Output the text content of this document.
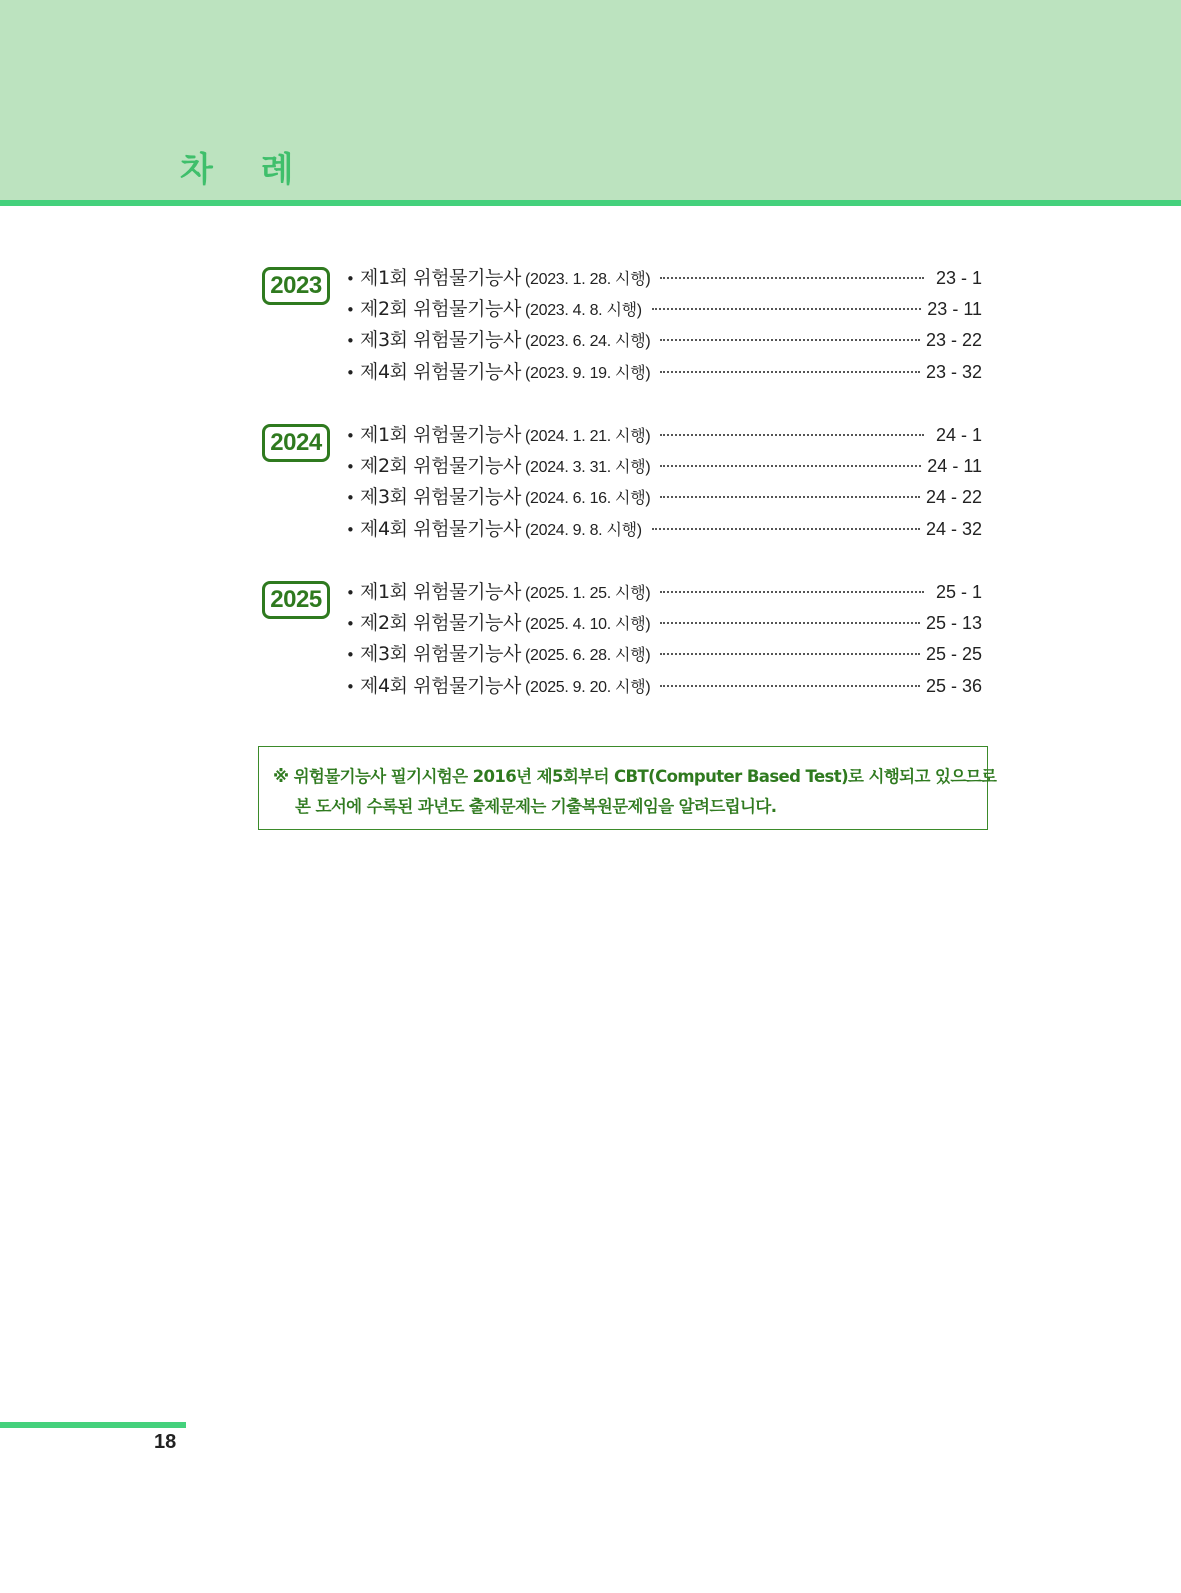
차 례
2023	• 제1회 위험물기능사 (2023. 1. 28. 시행)	23 - 1
• 제2회 위험물기능사 (2023. 4. 8. 시행)	23 - 11
• 제3회 위험물기능사 (2023. 6. 24. 시행)	23 - 22
• 제4회 위험물기능사 (2023. 9. 19. 시행)	23 - 32
2024	• 제1회 위험물기능사 (2024. 1. 21. 시행)	24 - 1
• 제2회 위험물기능사 (2024. 3. 31. 시행)	24 - 11
• 제3회 위험물기능사 (2024. 6. 16. 시행)	24 - 22
• 제4회 위험물기능사 (2024. 9. 8. 시행)	24 - 32
2025	• 제1회 위험물기능사 (2025. 1. 25. 시행)	25 - 1
• 제2회 위험물기능사 (2025. 4. 10. 시행)	25 - 13
• 제3회 위험물기능사 (2025. 6. 28. 시행)	25 - 25
• 제4회 위험물기능사 (2025. 9. 20. 시행)	25 - 36
※ 위험물기능사 필기시험은 2016년 제5회부터 CBT(Computer Based Test)로 시행되고 있으므로
본 도서에 수록된 과년도 출제문제는 기출복원문제임을 알려드립니다.
18
